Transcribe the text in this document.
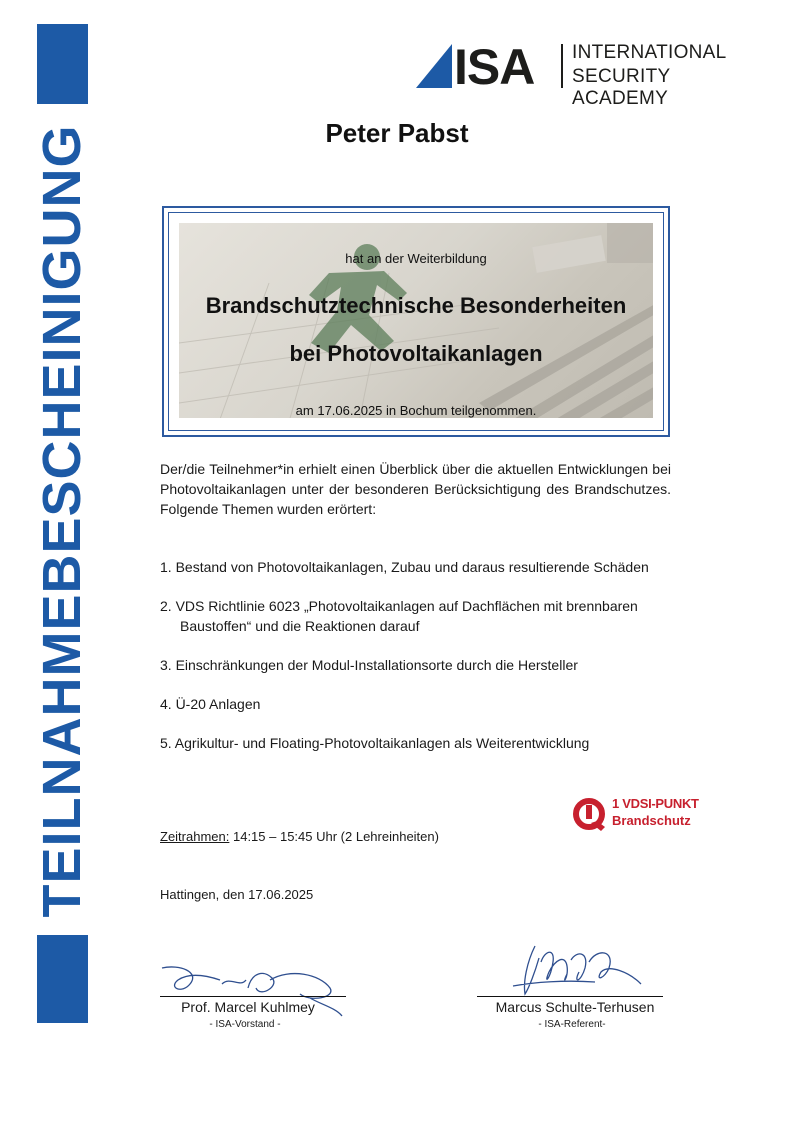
TEILNAHMEBESCHEINIGUNG
ISA INTERNATIONAL
SECURITY ACADEMY
Peter Pabst
hat an der Weiterbildung
Brandschutztechnische Besonderheiten
bei Photovoltaikanlagen
am 17.06.2025 in Bochum teilgenommen.
Der/die Teilnehmer*in erhielt einen Überblick über die aktuellen Entwicklungen bei Photovoltaikanlagen unter der besonderen Berücksichtigung des Brandschutzes. Folgende Themen wurden erörtert:
1. Bestand von Photovoltaikanlagen, Zubau und daraus resultierende Schäden
2. VDS Richtlinie 6023 „Photovoltaikanlagen auf Dachflächen mit brennbaren
Baustoffen“ und die Reaktionen darauf
3. Einschränkungen der Modul-Installationsorte durch die Hersteller
4. Ü-20 Anlagen
5. Agrikultur- und Floating-Photovoltaikanlagen als Weiterentwicklung
1 VDSI-PUNKT
Brandschutz
Zeitrahmen: 14:15 – 15:45 Uhr (2 Lehreinheiten)
Hattingen, den 17.06.2025
Prof. Marcel Kuhlmey	Marcus Schulte-Terhusen
- ISA-Vorstand -	- ISA-Referent-
